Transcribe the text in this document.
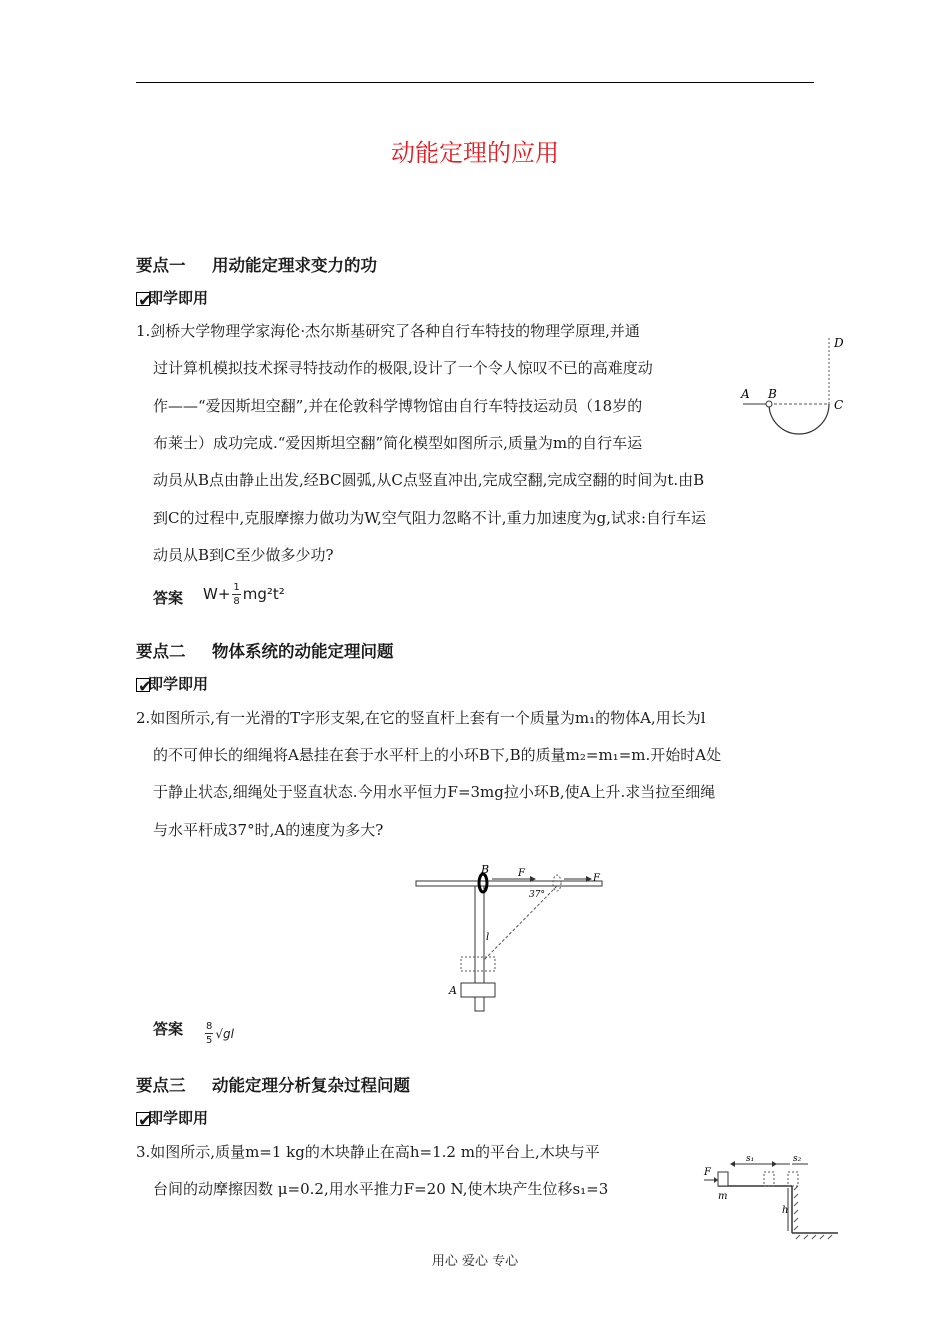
动能定理的应用
要点一 用动能定理求变力的功
✔
即学即用
1.剑桥大学物理学家海伦·杰尔斯基研究了各种自行车特技的物理学原理,并通
过计算机模拟技术探寻特技动作的极限,设计了一个令人惊叹不已的高难度动
作——“爱因斯坦空翻”,并在伦敦科学博物馆由自行车特技运动员（18岁的
布莱士）成功完成.“爱因斯坦空翻”简化模型如图所示,质量为m的自行车运
动员从B点由静止出发,经BC圆弧,从C点竖直冲出,完成空翻,完成空翻的时间为t.由B
到C的过程中,克服摩擦力做功为W,空气阻力忽略不计,重力加速度为g,试求:自行车运
动员从B到C至少做多少功?
A B
C
D
答案 $W+ \frac{1}{8} mg^2t^2$
要点二 物体系统的动能定理问题
✔
即学即用
2.如图所示,有一光滑的T字形支架,在它的竖直杆上套有一个质量为m₁的物体A,用长为l
的不可伸长的细绳将A悬挂在套于水平杆上的小环B下,B的质量m₂=m₁=m.开始时A处
于静止状态,细绳处于竖直状态.今用水平恒力F=3mg拉小环B,使A上升.求当拉至细绳
与水平杆成37°时,A的速度为多大?
B	F	F
37°
l
A
答案 $\frac{8}{5} √gl$
要点三 动能定理分析复杂过程问题
✔
即学即用
3.如图所示,质量m=1 kg的木块静止在高h=1.2 m的平台上,木块与平
台间的动摩擦因数 μ=0.2,用水平推力F=20 N,使木块产生位移s₁=3
F
m
s₁	s₂
h
用心 爱心 专心
